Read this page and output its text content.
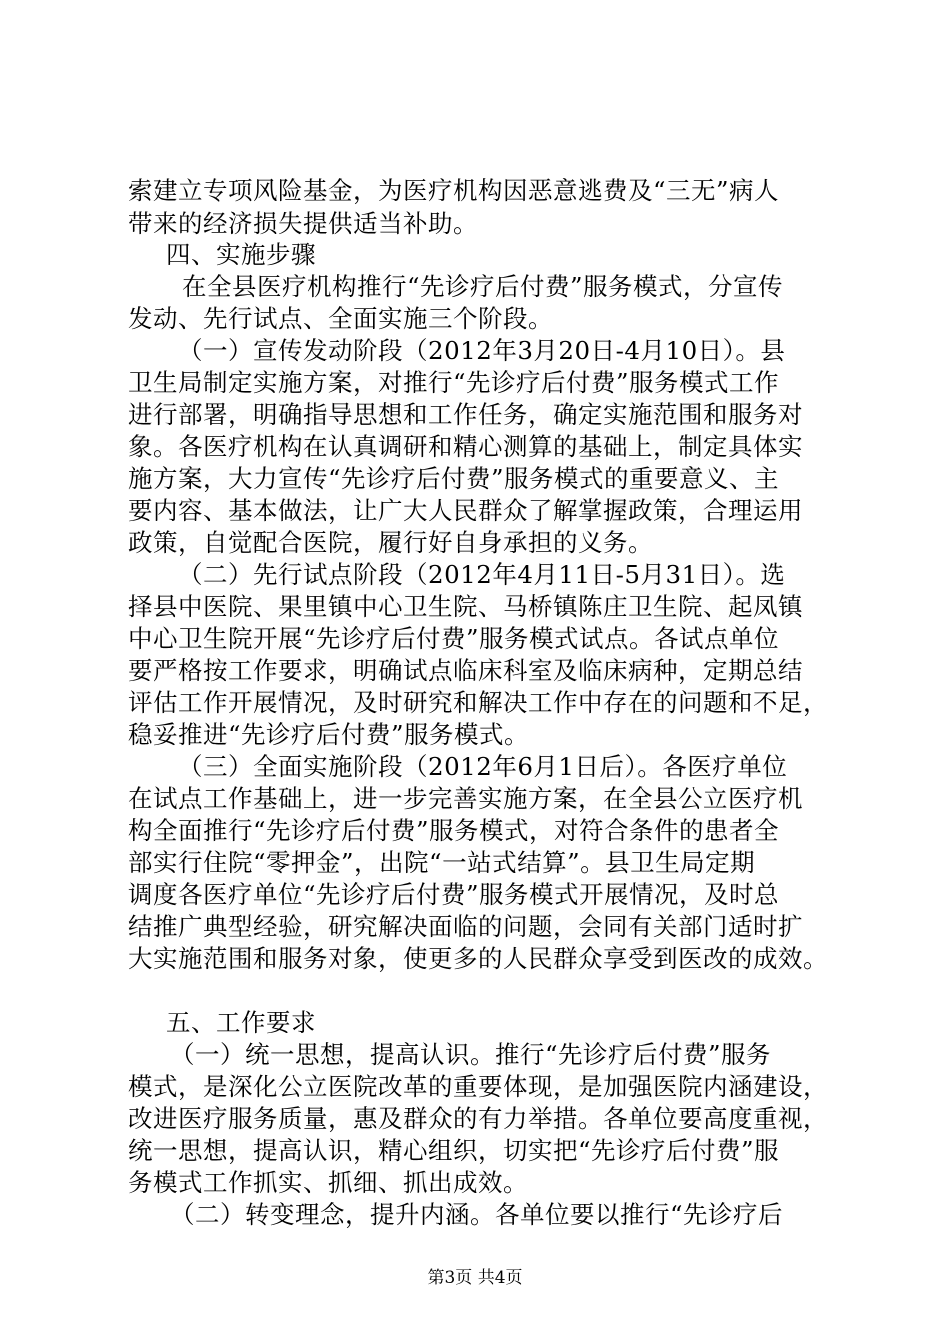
索建立专项风险基金，为医疗机构因恶意逃费及“三无”病人
带来的经济损失提供适当补助。
四、实施步骤
在全县医疗机构推行“先诊疗后付费”服务模式，分宣传
发动、先行试点、全面实施三个阶段。
（一）宣传发动阶段（2012年3月20日-4月10日）。县
卫生局制定实施方案，对推行“先诊疗后付费”服务模式工作
进行部署，明确指导思想和工作任务，确定实施范围和服务对
象。各医疗机构在认真调研和精心测算的基础上，制定具体实
施方案，大力宣传“先诊疗后付费”服务模式的重要意义、主
要内容、基本做法，让广大人民群众了解掌握政策，合理运用
政策，自觉配合医院，履行好自身承担的义务。
（二）先行试点阶段（2012年4月11日-5月31日）。选
择县中医院、果里镇中心卫生院、马桥镇陈庄卫生院、起凤镇
中心卫生院开展“先诊疗后付费”服务模式试点。各试点单位
要严格按工作要求，明确试点临床科室及临床病种，定期总结
评估工作开展情况，及时研究和解决工作中存在的问题和不足，
稳妥推进“先诊疗后付费”服务模式。
（三）全面实施阶段（2012年6月1日后）。各医疗单位
在试点工作基础上，进一步完善实施方案，在全县公立医疗机
构全面推行“先诊疗后付费”服务模式，对符合条件的患者全
部实行住院“零押金”，出院“一站式结算”。县卫生局定期
调度各医疗单位“先诊疗后付费”服务模式开展情况，及时总
结推广典型经验，研究解决面临的问题，会同有关部门适时扩
大实施范围和服务对象，使更多的人民群众享受到医改的成效。
五、工作要求
（一）统一思想，提高认识。推行“先诊疗后付费”服务
模式，是深化公立医院改革的重要体现，是加强医院内涵建设，
改进医疗服务质量，惠及群众的有力举措。各单位要高度重视，
统一思想，提高认识，精心组织，切实把“先诊疗后付费”服
务模式工作抓实、抓细、抓出成效。
（二）转变理念，提升内涵。各单位要以推行“先诊疗后
第3页 共4页
